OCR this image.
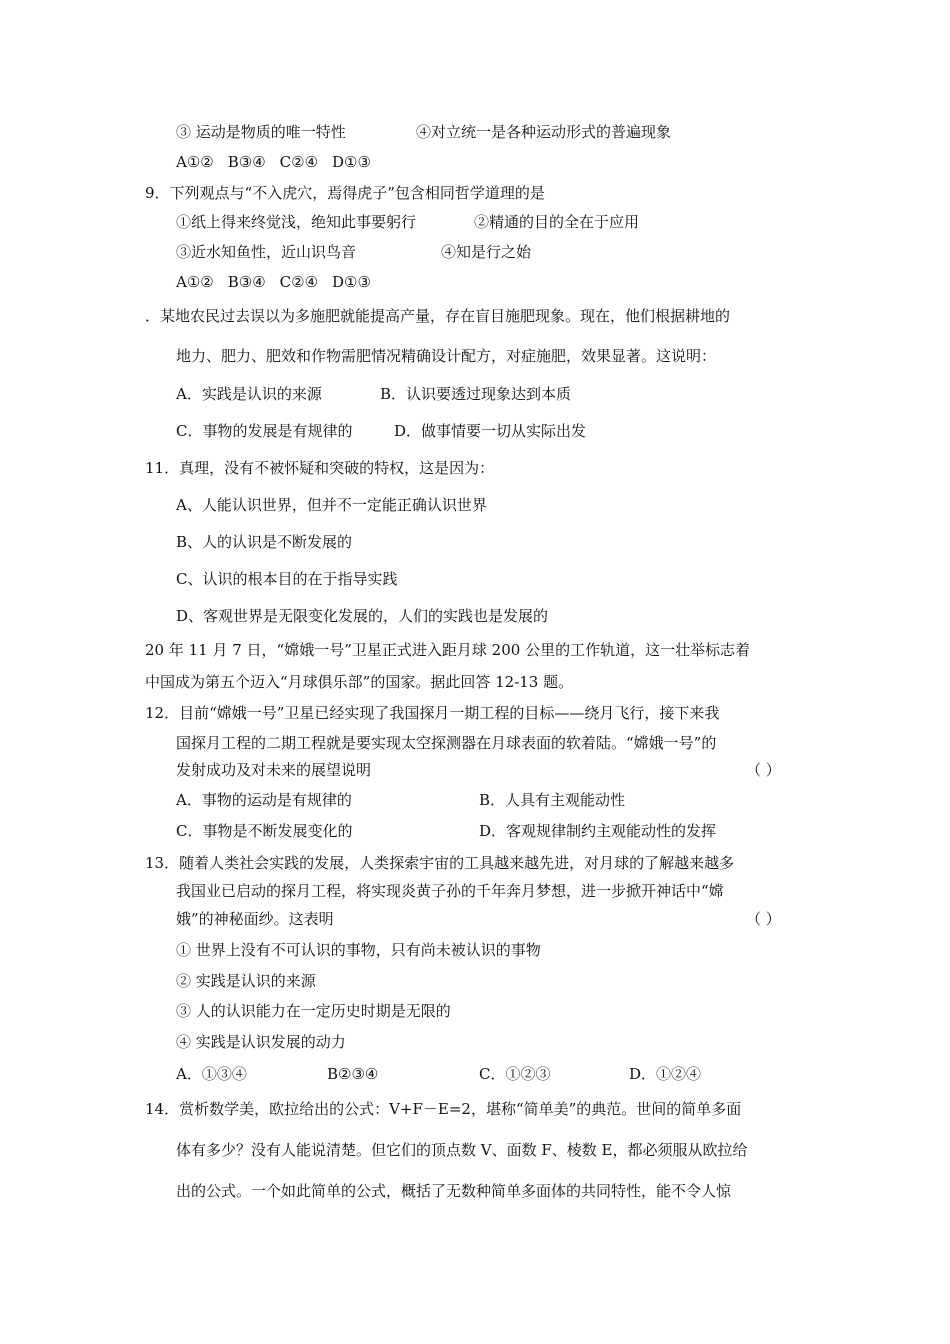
③ 运动是物质的唯一特性	④对立统一是各种运动形式的普遍现象
A①② B③④ C②④ D①③
9．下列观点与“不入虎穴，焉得虎子”包含相同哲学道理的是
①纸上得来终觉浅，绝知此事要躬行	②精通的目的全在于应用
③近水知鱼性，近山识鸟音	④知是行之始
A①② B③④ C②④ D①③
．某地农民过去误以为多施肥就能提高产量，存在盲目施肥现象。现在，他们根据耕地的
地力、肥力、肥效和作物需肥情况精确设计配方，对症施肥，效果显著。这说明：
A．实践是认识的来源	B．认识要透过现象达到本质
C．事物的发展是有规律的	D．做事情要一切从实际出发
11．真理，没有不被怀疑和突破的特权，这是因为：
A、人能认识世界，但并不一定能正确认识世界
B、人的认识是不断发展的
C、认识的根本目的在于指导实践
D、客观世界是无限变化发展的，人们的实践也是发展的
20 年 11 月 7 日，“嫦娥一号”卫星正式进入距月球 200 公里的工作轨道，这一壮举标志着
中国成为第五个迈入“月球俱乐部”的国家。据此回答 12-13 题。
12．目前“嫦娥一号”卫星已经实现了我国探月一期工程的目标——绕月飞行，接下来我
国探月工程的二期工程就是要实现太空探测器在月球表面的软着陆。“嫦娥一号”的
发射成功及对未来的展望说明	（ ）
A．事物的运动是有规律的	B．人具有主观能动性
C．事物是不断发展变化的	D．客观规律制约主观能动性的发挥
13．随着人类社会实践的发展，人类探索宇宙的工具越来越先进，对月球的了解越来越多
我国业已启动的探月工程，将实现炎黄子孙的千年奔月梦想，进一步掀开神话中“嫦
娥”的神秘面纱。这表明	（ ）
① 世界上没有不可认识的事物，只有尚未被认识的事物
② 实践是认识的来源
③ 人的认识能力在一定历史时期是无限的
④ 实践是认识发展的动力
A．①③④	B②③④	C．①②③	D．①②④
14．赏析数学美，欧拉给出的公式：V+F－E=2，堪称“简单美”的典范。世间的简单多面
体有多少？没有人能说清楚。但它们的顶点数 V、面数 F、棱数 E，都必须服从欧拉给
出的公式。一个如此简单的公式，概括了无数种简单多面体的共同特性，能不令人惊
